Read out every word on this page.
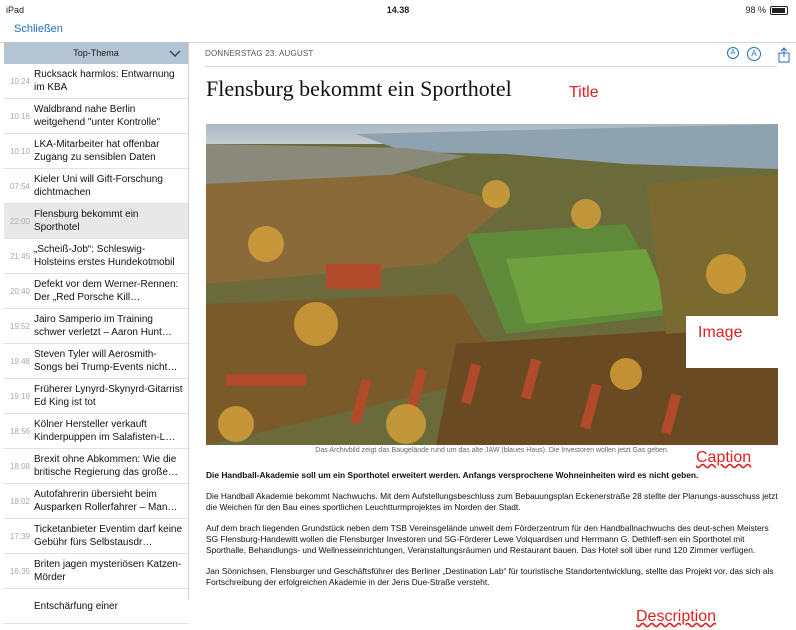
iPad	14.38	98 %
Schließen
Top-Thema
10:24
Rucksack harmlos: Entwarnung im KBA
10:16
Waldbrand nahe Berlin weitgehend "unter Kontrolle"
10:10
LKA-Mitarbeiter hat offenbar Zugang zu sensiblen Daten
07:54
Kieler Uni will Gift-Forschung dichtmachen
22:00
Flensburg bekommt ein Sporthotel
21:45
„Scheiß-Job“: Schleswig-Holsteins erstes Hundekotmobil
20:40
Defekt vor dem Werner-Rennen: Der „Red Porsche Kill…
19:52
Jairo Samperio im Training schwer verletzt – Aaron Hunt…
19:48
Steven Tyler will Aerosmith-Songs bei Trump-Events nicht…
19:19
Früherer Lynyrd-Skynyrd-Gitarrist Ed King ist tot
18:56
Kölner Hersteller verkauft Kinderpuppen im Salafisten-L…
18:08
Brexit ohne Abkommen: Wie die britische Regierung das große…
18:02
Autofahrerin übersieht beim Ausparken Rollerfahrer – Man…
17:39
Ticketanbieter Eventim darf keine Gebühr fürs Selbstausdr…
16:35
Briten jagen mysteriösen Katzen-Mörder
Entschärfung einer
DONNERSTAG 23. AUGUST	A	A
Flensburg bekommt ein Sporthotel	Title
Image
Das Archivbild zeigt das Baugelände rund um das alte JAW (blaues Haus). Die Investoren wollen jetzt Gas geben.	Caption

Die Handball-Akademie soll um ein Sporthotel erweitert werden. Anfangs versprochene Wohneinheiten wird es nicht geben.

Die Handball Akademie bekommt Nachwuchs. Mit dem Aufstellungsbeschluss zum Bebauungsplan Eckenerstraße 28 stellte der Planungs-ausschuss jetzt die Weichen für den Bau eines sportlichen Leuchtturmprojektes im Norden der Stadt.

Auf dem brach liegenden Grundstück neben dem TSB Vereinsgelände unweit dem Förderzentrum für den Handballnachwuchs des deut-schen Meisters SG Flensburg-Handewitt wollen die Flensburger Investoren und SG-Förderer Lewe Volquardsen und Herrmann G. Dethleff-sen ein Sporthotel mit Sporthalle, Behandlungs- und Wellnesseinrichtungen, Veranstaltungsräumen und Restaurant bauen. Das Hotel soll über rund 120 Zimmer verfügen.

Jan Sönnichsen, Flensburger und Geschäftsführer des Berliner „Destination Lab“ für touristische Standortentwicklung, stellte das Projekt vor, das sich als Fortschreibung der erfolgreichen Akademie in der Jens Due-Straße versteht.

Description
